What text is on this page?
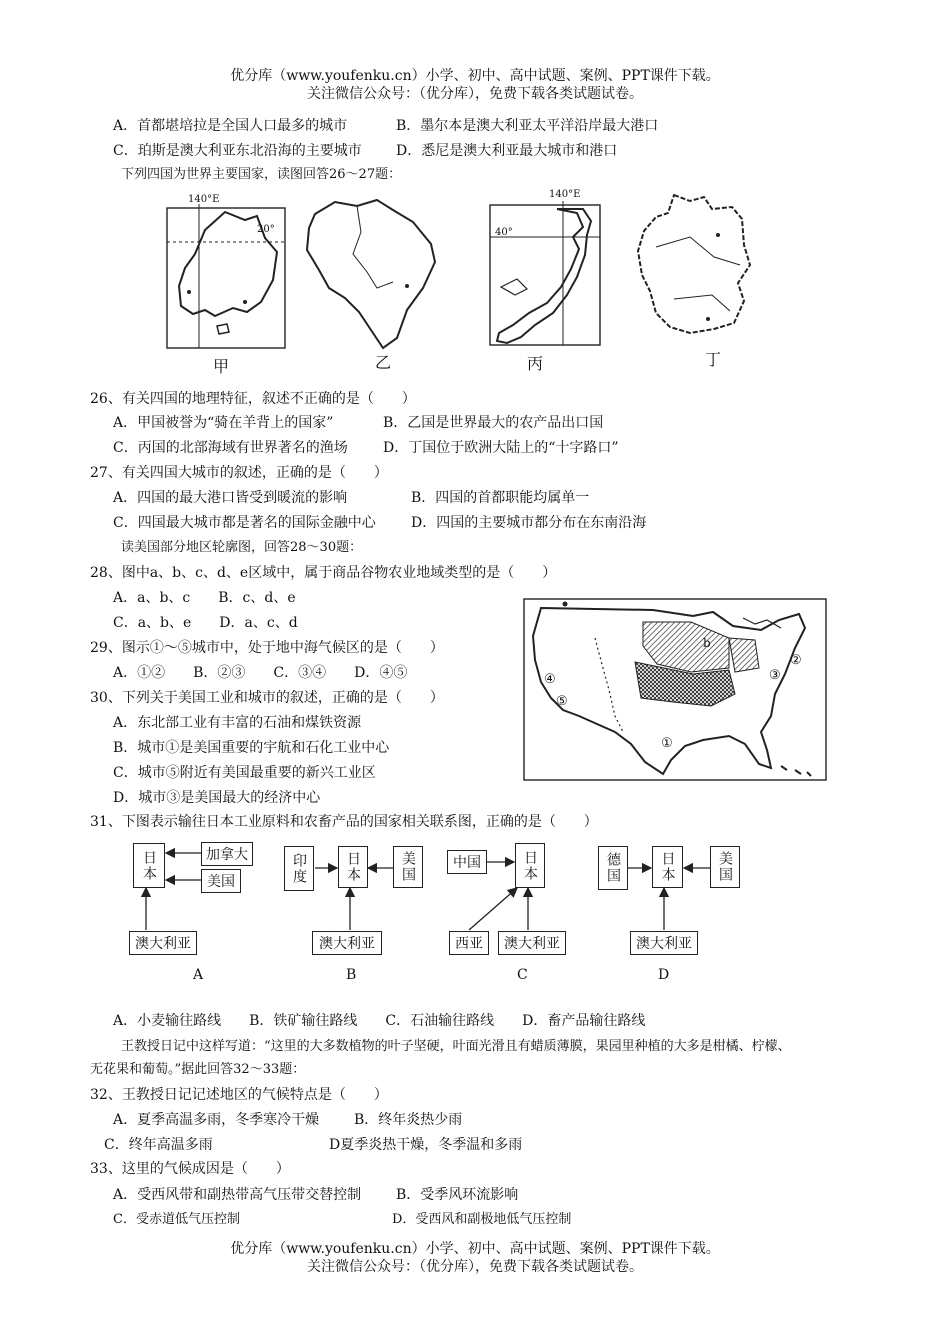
优分库（www.youfenku.cn）小学、初中、高中试题、案例、PPT课件下载。
关注微信公众号：（优分库），免费下载各类试题试卷。
A．首都堪培拉是全国人口最多的城市	B．墨尔本是澳大利亚太平洋沿岸最大港口
C．珀斯是澳大利亚东北沿海的主要城市 D．悉尼是澳大利亚最大城市和港口
下列四国为世界主要国家，读图回答26～27题：
140°E
20°
甲	乙
140°E
40°
丙	丁
26、有关四国的地理特征，叙述不正确的是（　　）
A．甲国被誉为“骑在羊背上的国家”	B．乙国是世界最大的农产品出口国
C．丙国的北部海域有世界著名的渔场	D．丁国位于欧洲大陆上的“十字路口”
27、有关四国大城市的叙述，正确的是（　　）
A．四国的最大港口皆受到暖流的影响	B．四国的首都职能均属单一
C．四国最大城市都是著名的国际金融中心	D．四国的主要城市都分布在东南沿海
读美国部分地区轮廓图，回答28～30题：
28、图中a、b、c、d、e区域中，属于商品谷物农业地域类型的是（　　）
A．a、b、c　　B．c、d、e
C．a、b、e　　D．a、c、d
29、图示①～⑤城市中，处于地中海气候区的是（　　）
A．①②　　B．②③　　C．③④　　D．④⑤
30、下列关于美国工业和城市的叙述，正确的是（　　）
A．东北部工业有丰富的石油和煤铁资源
B．城市①是美国重要的宇航和石化工业中心
C．城市⑤附近有美国最重要的新兴工业区
D．城市③是美国最大的经济中心
b
①
②
③
④
⑤
31、下图表示输往日本工业原料和农畜产品的国家相关联系图，正确的是（　　）
日本	加拿大
美国
澳大利亚
A
印度	日本	美国
澳大利亚
B
中国	日本
西亚	澳大利亚
C
德国	日本	美国
澳大利亚
D
A．小麦输往路线　　B．铁矿输往路线　　C．石油输往路线　　D．畜产品输往路线
王教授日记中这样写道：“这里的大多数植物的叶子坚硬，叶面光滑且有蜡质薄膜，果园里种植的大多是柑橘、柠檬、
无花果和葡萄。”据此回答32～33题：
32、王教授日记记述地区的气候特点是（　　）
A．夏季高温多雨，冬季寒冷干燥 B．终年炎热少雨
C．终年高温多雨	D夏季炎热干燥，冬季温和多雨
33、这里的气候成因是（　　）
A．受西风带和副热带高气压带交替控制 B．受季风环流影响
C．受赤道低气压控制	D．受西风和副极地低气压控制
优分库（www.youfenku.cn）小学、初中、高中试题、案例、PPT课件下载。
关注微信公众号：（优分库），免费下载各类试题试卷。
